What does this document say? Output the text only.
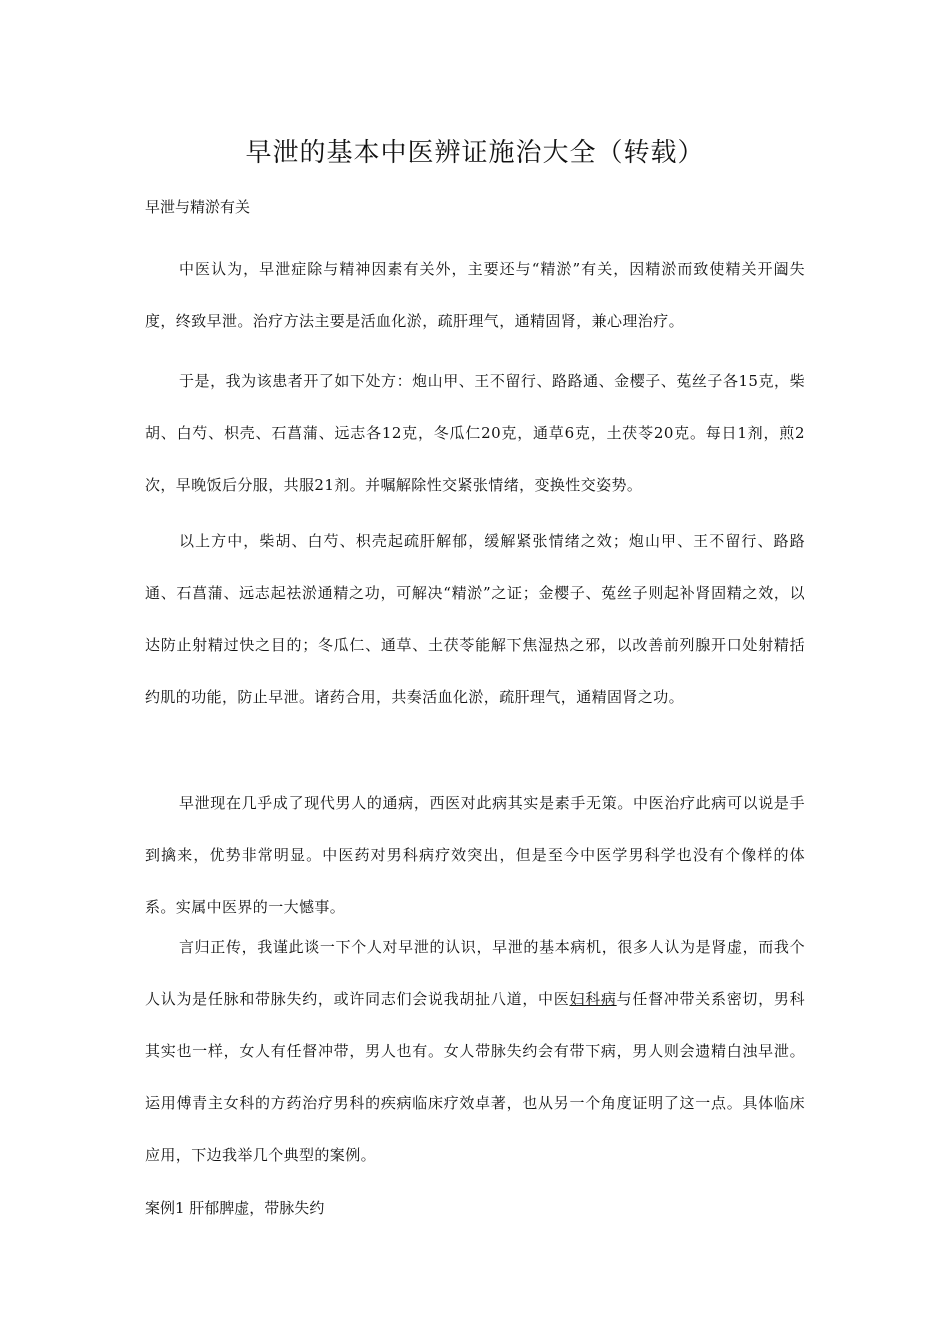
早泄的基本中医辨证施治大全（转载）

早泄与精淤有关

中医认为，早泄症除与精神因素有关外，主要还与“精淤”有关，因精淤而致使精关开阖失度，终致早泄。治疗方法主要是活血化淤，疏肝理气，通精固肾，兼心理治疗。

于是，我为该患者开了如下处方：炮山甲、王不留行、路路通、金樱子、菟丝子各15克，柴胡、白芍、枳壳、石菖蒲、远志各12克，冬瓜仁20克，通草6克，土茯苓20克。每日1剂，煎2次，早晚饭后分服，共服21剂。并嘱解除性交紧张情绪，变换性交姿势。

以上方中，柴胡、白芍、枳壳起疏肝解郁，缓解紧张情绪之效；炮山甲、王不留行、路路通、石菖蒲、远志起祛淤通精之功，可解决“精淤”之证；金樱子、菟丝子则起补肾固精之效，以达防止射精过快之目的；冬瓜仁、通草、土茯苓能解下焦湿热之邪，以改善前列腺开口处射精括约肌的功能，防止早泄。诸药合用，共奏活血化淤，疏肝理气，通精固肾之功。

早泄现在几乎成了现代男人的通病，西医对此病其实是素手无策。中医治疗此病可以说是手到擒来，优势非常明显。中医药对男科病疗效突出，但是至今中医学男科学也没有个像样的体系。实属中医界的一大憾事。

言归正传，我谨此谈一下个人对早泄的认识，早泄的基本病机，很多人认为是肾虚，而我个人认为是任脉和带脉失约，或许同志们会说我胡扯八道，中医妇科病与任督冲带关系密切，男科其实也一样，女人有任督冲带，男人也有。女人带脉失约会有带下病，男人则会遗精白浊早泄。运用傅青主女科的方药治疗男科的疾病临床疗效卓著，也从另一个角度证明了这一点。具体临床应用，下边我举几个典型的案例。

案例1 肝郁脾虚，带脉失约
